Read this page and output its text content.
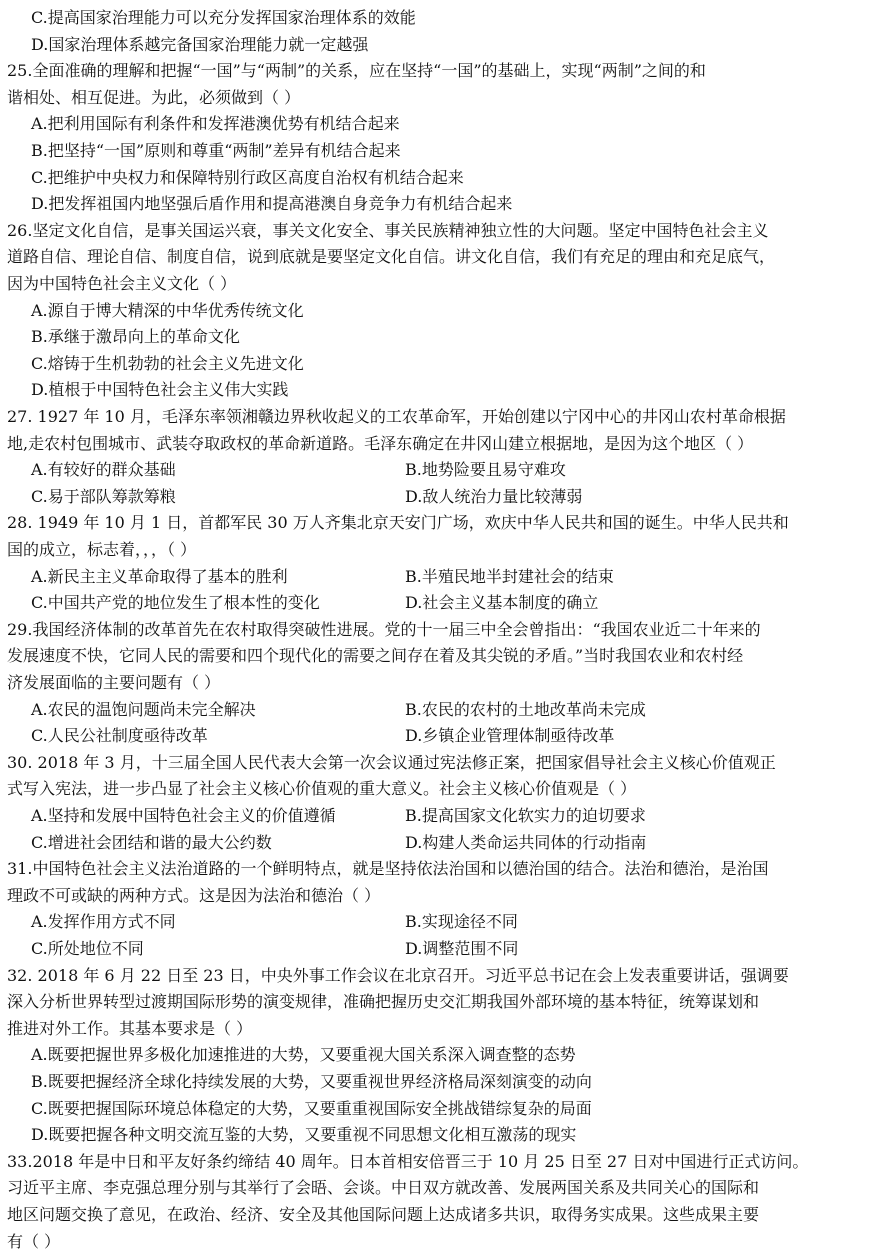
C.提高国家治理能力可以充分发挥国家治理体系的效能
D.国家治理体系越完备国家治理能力就一定越强
25.全面准确的理解和把握“一国”与“两制”的关系，应在坚持“一国”的基础上，实现“两制”之间的和
谐相处、相互促进。为此，必须做到（ ）
A.把利用国际有利条件和发挥港澳优势有机结合起来
B.把坚持“一国”原则和尊重“两制”差异有机结合起来
C.把维护中央权力和保障特别行政区高度自治权有机结合起来
D.把发挥祖国内地坚强后盾作用和提高港澳自身竞争力有机结合起来
26.坚定文化自信，是事关国运兴衰，事关文化安全、事关民族精神独立性的大问题。坚定中国特色社会主义
道路自信、理论自信、制度自信，说到底就是要坚定文化自信。讲文化自信，我们有充足的理由和充足底气，
因为中国特色社会主义文化（ ）
A.源自于博大精深的中华优秀传统文化
B.承继于激昂向上的革命文化
C.熔铸于生机勃勃的社会主义先进文化
D.植根于中国特色社会主义伟大实践
27. 1927 年 10 月，毛泽东率领湘赣边界秋收起义的工农革命军，开始创建以宁冈中心的井冈山农村革命根据
地,走农村包围城市、武装夺取政权的革命新道路。毛泽东确定在井冈山建立根据地，是因为这个地区（ ）
A.有较好的群众基础	B.地势险要且易守难攻
C.易于部队筹款筹粮	D.敌人统治力量比较薄弱
28. 1949 年 10 月 1 日，首都军民 30 万人齐集北京天安门广场，欢庆中华人民共和国的诞生。中华人民共和
国的成立，标志着，，，（ ）
A.新民主主义革命取得了基本的胜利	B.半殖民地半封建社会的结束
C.中国共产党的地位发生了根本性的变化	D.社会主义基本制度的确立
29.我国经济体制的改革首先在农村取得突破性进展。党的十一届三中全会曾指出：“我国农业近二十年来的
发展速度不快，它同人民的需要和四个现代化的需要之间存在着及其尖锐的矛盾。”当时我国农业和农村经
济发展面临的主要问题有（ ）
A.农民的温饱问题尚未完全解决	B.农民的农村的土地改革尚未完成
C.人民公社制度亟待改革	D.乡镇企业管理体制亟待改革
30. 2018 年 3 月，十三届全国人民代表大会第一次会议通过宪法修正案，把国家倡导社会主义核心价值观正
式写入宪法，进一步凸显了社会主义核心价值观的重大意义。社会主义核心价值观是（ ）
A.坚持和发展中国特色社会主义的价值遵循	B.提高国家文化软实力的迫切要求
C.增进社会团结和谐的最大公约数	D.构建人类命运共同体的行动指南
31.中国特色社会主义法治道路的一个鲜明特点，就是坚持依法治国和以德治国的结合。法治和德治，是治国
理政不可或缺的两种方式。这是因为法治和德治（ ）
A.发挥作用方式不同	B.实现途径不同
C.所处地位不同	D.调整范围不同
32. 2018 年 6 月 22 日至 23 日，中央外事工作会议在北京召开。习近平总书记在会上发表重要讲话，强调要
深入分析世界转型过渡期国际形势的演变规律，准确把握历史交汇期我国外部环境的基本特征，统筹谋划和
推进对外工作。其基本要求是（ ）
A.既要把握世界多极化加速推进的大势，又要重视大国关系深入调查整的态势
B.既要把握经济全球化持续发展的大势，又要重视世界经济格局深刻演变的动向
C.既要把握国际环境总体稳定的大势，又要重重视国际安全挑战错综复杂的局面
D.既要把握各种文明交流互鉴的大势，又要重视不同思想文化相互激荡的现实
33.2018 年是中日和平友好条约缔结 40 周年。日本首相安倍晋三于 10 月 25 日至 27 日对中国进行正式访问。
习近平主席、李克强总理分别与其举行了会晤、会谈。中日双方就改善、发展两国关系及共同关心的国际和
地区问题交换了意见，在政治、经济、安全及其他国际问题上达成诸多共识，取得务实成果。这些成果主要
有（ ）
